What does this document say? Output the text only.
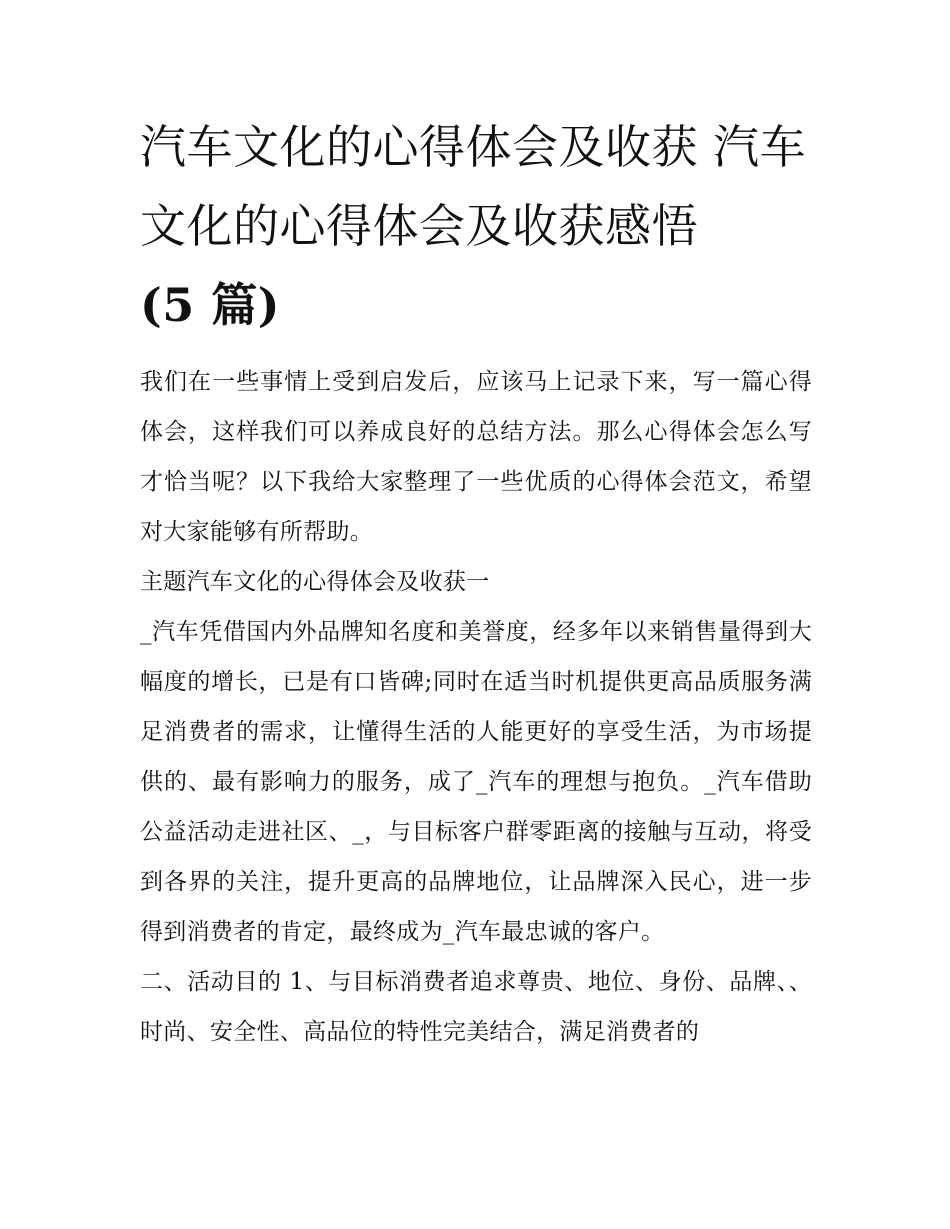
汽车文化的心得体会及收获 汽车文化的心得体会及收获感悟
(5 篇)

我们在一些事情上受到启发后，应该马上记录下来，写一篇心得体会，这样我们可以养成良好的总结方法。那么心得体会怎么写才恰当呢？以下我给大家整理了一些优质的心得体会范文，希望对大家能够有所帮助。

主题汽车文化的心得体会及收获一

_汽车凭借国内外品牌知名度和美誉度，经多年以来销售量得到大幅度的增长，已是有口皆碑;同时在适当时机提供更高品质服务满足消费者的需求，让懂得生活的人能更好的享受生活，为市场提供的、最有影响力的服务，成了_汽车的理想与抱负。_汽车借助公益活动走进社区、_，与目标客户群零距离的接触与互动，将受到各界的关注，提升更高的品牌地位，让品牌深入民心，进一步得到消费者的肯定，最终成为_汽车最忠诚的客户。

二、活动目的 1、与目标消费者追求尊贵、地位、身份、品牌、、时尚、安全性、高品位的特性完美结合，满足消费者的
